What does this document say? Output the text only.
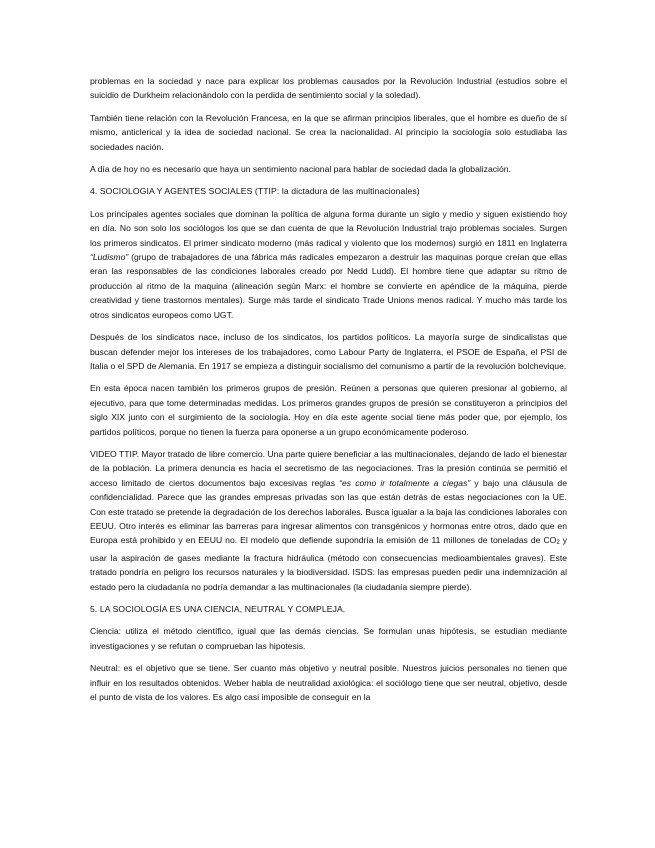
problemas en la sociedad y nace para explicar los problemas causados por la Revolución Industrial (estudios sobre el suicidio de Durkheim relacionándolo con la perdida de sentimiento social y la soledad).

También tiene relación con la Revolución Francesa, en la que se afirman principios liberales, que el hombre es dueño de sí mismo, anticlerical y la idea de sociedad nacional. Se crea la nacionalidad. Al principio la sociología solo estudiaba las sociedades nación.

A día de hoy no es necesario que haya un sentimiento nacional para hablar de sociedad dada la globalización.

4. SOCIOLOGIA Y AGENTES SOCIALES (TTIP: la dictadura de las multinacionales)

Los principales agentes sociales que dominan la política de alguna forma durante un siglo y medio y siguen existiendo hoy en día. No son solo los sociólogos los que se dan cuenta de que la Revolución Industrial trajo problemas sociales. Surgen los primeros sindicatos. El primer sindicato moderno (más radical y violento que los modernos) surgió en 1811 en Inglaterra “Ludismo” (grupo de trabajadores de una fábrica más radicales empezaron a destruir las maquinas porque creían que ellas eran las responsables de las condiciones laborales creado por Nedd Ludd). El hombre tiene que adaptar su ritmo de producción al ritmo de la maquina (alineación según Marx: el hombre se convierte en apéndice de la máquina, pierde creatividad y tiene trastornos mentales). Surge más tarde el sindicato Trade Unions menos radical. Y mucho más tarde los otros sindicatos europeos como UGT.

Después de los sindicatos nace, incluso de los sindicatos, los partidos políticos. La mayoría surge de sindicalistas que buscan defender mejor los intereses de los trabajadores, como Labour Party de Inglaterra, el PSOE de España, el PSI de Italia o el SPD de Alemania. En 1917 se empieza a distinguir socialismo del comunismo a partir de la revolución bolchevique.

En esta época nacen también los primeros grupos de presión. Reúnen a personas que quieren presionar al gobierno, al ejecutivo, para que tome determinadas medidas. Los primeros grandes grupos de presión se constituyeron a principios del siglo XIX junto con el surgimiento de la sociología. Hoy en día este agente social tiene más poder que, por ejemplo, los partidos políticos, porque no tienen la fuerza para oponerse a un grupo económicamente poderoso.

VIDEO TTIP. Mayor tratado de libre comercio. Una parte quiere beneficiar a las multinacionales, dejando de lado el bienestar de la población. La primera denuncia es hacia el secretismo de las negociaciones. Tras la presión continúa se permitió el acceso limitado de ciertos documentos bajo excesivas reglas “es como ir totalmente a ciegas” y bajo una cláusula de confidencialidad. Parece que las grandes empresas privadas son las que están detrás de estas negociaciones con la UE. Con este tratado se pretende la degradación de los derechos laborales. Busca igualar a la baja las condiciones laborales con EEUU. Otro interés es eliminar las barreras para ingresar alimentos con transgénicos y hormonas entre otros, dado que en Europa está prohibido y en EEUU no. El modelo que defiende supondría la emisión de 11 millones de toneladas de CO2 y usar la aspiración de gases mediante la fractura hidráulica (método con consecuencias medioambientales graves). Este tratado pondría en peligro los recursos naturales y la biodiversidad. ISDS: las empresas pueden pedir una indemnización al estado pero la ciudadanía no podría demandar a las multinacionales (la ciudadanía siempre pierde).

5. LA SOCIOLOGÍA ES UNA CIENCIA, NEUTRAL Y COMPLEJA.

Ciencia: utiliza el método científico, igual que las demás ciencias. Se formulan unas hipótesis, se estudian mediante investigaciones y se refutan o comprueban las hipotesis.

Neutral: es el objetivo que se tiene. Ser cuanto más objetivo y neutral posible. Nuestros juicios personales no tienen que influir en los resultados obtenidos. Weber habla de neutralidad axiológica: el sociólogo tiene que ser neutral, objetivo, desde el punto de vista de los valores. Es algo casi imposible de conseguir en la
